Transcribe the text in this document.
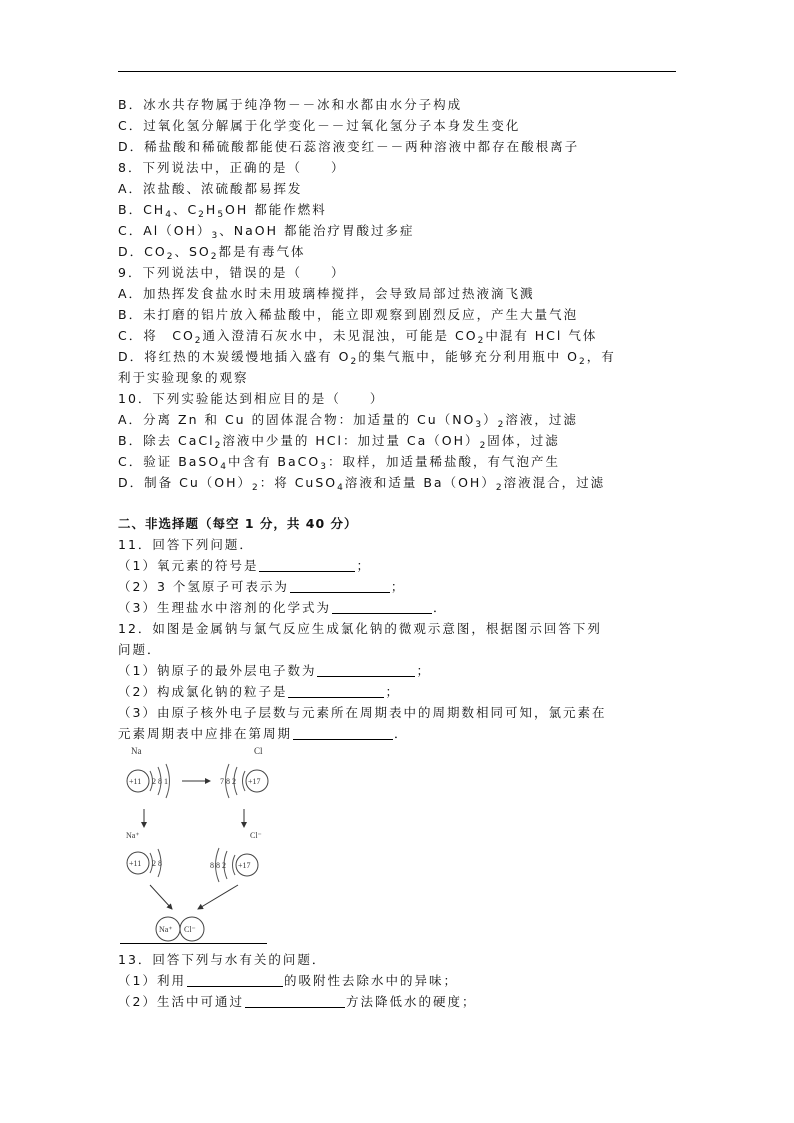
B．冰水共存物属于纯净物－－冰和水都由水分子构成
C．过氧化氢分解属于化学变化－－过氧化氢分子本身发生变化
D．稀盐酸和稀硫酸都能使石蕊溶液变红－－两种溶液中都存在酸根离子
8．下列说法中，正确的是（　　）
A．浓盐酸、浓硫酸都易挥发
B．$CH_4$、$C_2H_5OH$ 都能作燃料
C．$Al(OH)_3$、NaOH 都能治疗胃酸过多症
D．$CO_2$、$SO_2$都是有毒气体
9．下列说法中，错误的是（　　）
A．加热挥发食盐水时未用玻璃棒搅拌，会导致局部过热液滴飞溅
B．未打磨的铝片放入稀盐酸中，能立即观察到剧烈反应，产生大量气泡
C．将　$CO_2$通入澄清石灰水中，未见混浊，可能是 $CO_2$中混有 HCl 气体
D．将红热的木炭缓慢地插入盛有 $O_2$的集气瓶中，能够充分利用瓶中 $O_2$，有
利于实验现象的观察
10．下列实验能达到相应目的是（　　）
A．分离 Zn 和 Cu 的固体混合物：加适量的 $Cu(NO_3)_2$溶液，过滤
B．除去 CaCl$_2$溶液中少量的 HCl：加过量 $Ca(OH)_2$固体，过滤
C．验证 BaSO$_4$中含有 BaCO$_3$：取样，加适量稀盐酸，有气泡产生
D．制备 $Cu(OH)_2$：将 CuSO$_4$溶液和适量 $Ba(OH)_2$溶液混合，过滤
二、非选择题（每空 1 分，共 40 分）
11．回答下列问题．
（1）氧元素的符号是	；
（2）3 个氢原子可表示为	；
（3）生理盐水中溶剂的化学式为	．
12．如图是金属钠与氯气反应生成氯化钠的微观示意图，根据图示回答下列
问题．
（1）钠原子的最外层电子数为	；
（2）构成氯化钠的粒子是	；
（3）由原子核外电子层数与元素所在周期表中的周期数相同可知，氯元素在
元素周期表中应排在第周期	．
Na
+11 2 8 1
Cl
+17
7 8 2
Na⁺
+11 2 8
Cl⁻
+17
8 8 2
Na⁺ Cl⁻
13．回答下列与水有关的问题．
（1）利用	的吸附性去除水中的异味；
（2）生活中可通过	方法降低水的硬度；
